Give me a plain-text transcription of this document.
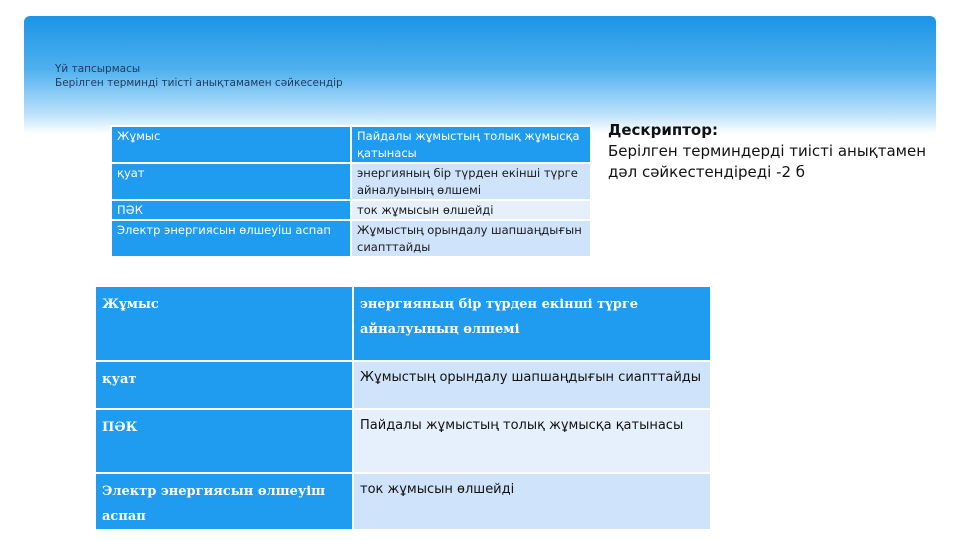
Үй тапсырмасы
Берілген терминді тиісті анықтамамен сәйкесендір
Дескриптор:
Берілген терминдерді тиісті анықтамен дәл сәйкестендіреді -2 б
Жұмыс	Пайдалы жұмыстың толық жұмысқа қатынасы
қуат	энергияның бір түрден екінші түрге айналуының өлшемі
ПӘК	ток жұмысын өлшейді
Электр энергиясын өлшеуіш аспап	Жұмыстың орындалу шапшаңдығын сиапттайды
Жұмыс	энергияның бір түрден екінші түрге айналуының өлшемі
қуат	Жұмыстың орындалу шапшаңдығын сиапттайды
ПӘК	Пайдалы жұмыстың толық жұмысқа қатынасы
Электр энергиясын өлшеуіш аспап	ток жұмысын өлшейді
